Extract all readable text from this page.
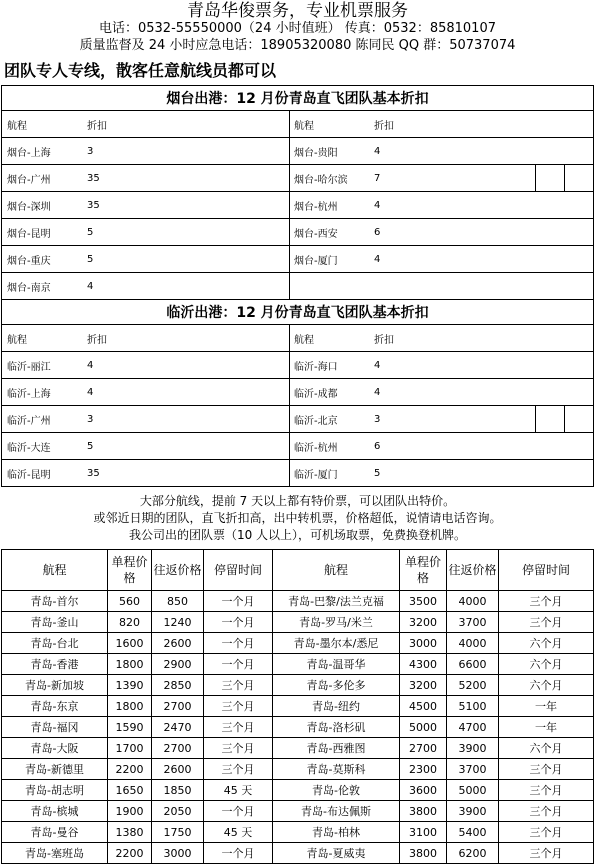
青岛华俊票务，专业机票服务
电话：0532-55550000（24 小时值班） 传真：0532：85810107
质量监督及 24 小时应急电话：18905320080 陈同民 QQ 群：50737074
团队专人专线，散客任意航线员都可以
烟台出港：12 月份青岛直飞团队基本折扣	

航程 折扣	航程 折扣

烟台-上海 3	烟台-贵阳 4

烟台-广州 35	烟台-哈尔滨 7

烟台-深圳 35	烟台-杭州 4

烟台-昆明 5	烟台-西安 6

烟台-重庆 5	烟台-厦门 4

烟台-南京 4	

临沂出港：12 月份青岛直飞团队基本折扣	

航程 折扣	航程 折扣

临沂-丽江 4	临沂-海口 4

临沂-上海 4	临沂-成都 4

临沂-广州 3	临沂-北京 3

临沂-大连 5	临沂-杭州 6

临沂-昆明 35	临沂-厦门 5
大部分航线，提前 7 天以上都有特价票，可以团队出特价。
或邻近日期的团队，直飞折扣高，出中转机票，价格超低，说情请电话咨询。
我公司出的团队票（10 人以上），可机场取票，免费换登机牌。
航程	单程价格	往返价格	停留时间	航程	单程价格	往返价格	停留时间
青岛-首尔	560	850	一个月	青岛-巴黎/法兰克福	3500	4000	三个月
青岛-釜山	820	1240	一个月	青岛-罗马/米兰	3200	3700	三个月
青岛-台北	1600	2600	一个月	青岛-墨尔本/悉尼	3000	4000	六个月
青岛-香港	1800	2900	一个月	青岛-温哥华	4300	6600	六个月
青岛-新加坡	1390	2850	三个月	青岛-多伦多	3200	5200	六个月
青岛-东京	1800	2700	三个月	青岛-纽约	4500	5100	一年
青岛-福冈	1590	2470	三个月	青岛-洛杉矶	5000	4700	一年
青岛-大阪	1700	2700	三个月	青岛-西雅图	2700	3900	六个月
青岛-新德里	2200	2600	三个月	青岛-莫斯科	2300	3700	三个月
青岛-胡志明	1650	1850	45 天	青岛-伦敦	3600	5000	三个月
青岛-槟城	1900	2050	一个月	青岛-布达佩斯	3800	3900	三个月
青岛-曼谷	1380	1750	45 天	青岛-柏林	3100	5400	三个月
青岛-塞班岛	2200	3000	一个月	青岛-夏威夷	3800	6200	三个月
